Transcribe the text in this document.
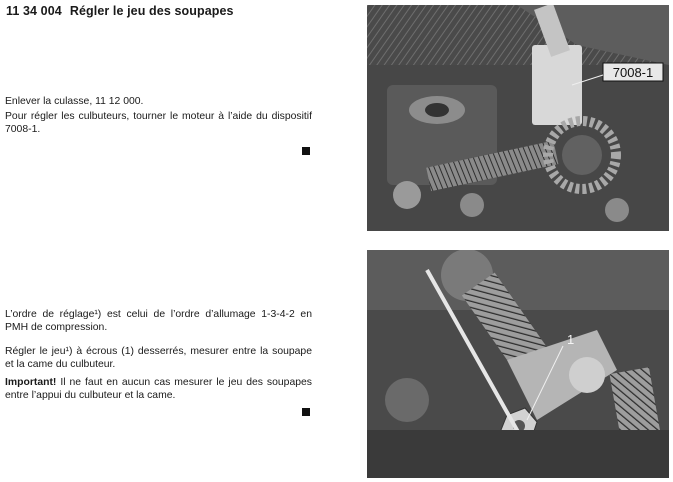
11 34 004 Régler le jeu des soupapes

Enlever la culasse, 11 12 000.

Pour régler les culbuteurs, tourner le moteur à l’aide du dispositif 7008-1.

L’ordre de réglage¹) est celui de l’ordre d’allumage 1-3-4-2 en PMH de compression.

Régler le jeu¹) à écrous (1) desserrés, mesurer entre la soupape et la came du culbuteur.

Important! Il ne faut en aucun cas mesurer le jeu des soupapes entre l’appui du culbuteur et la came.

7008-1
1
